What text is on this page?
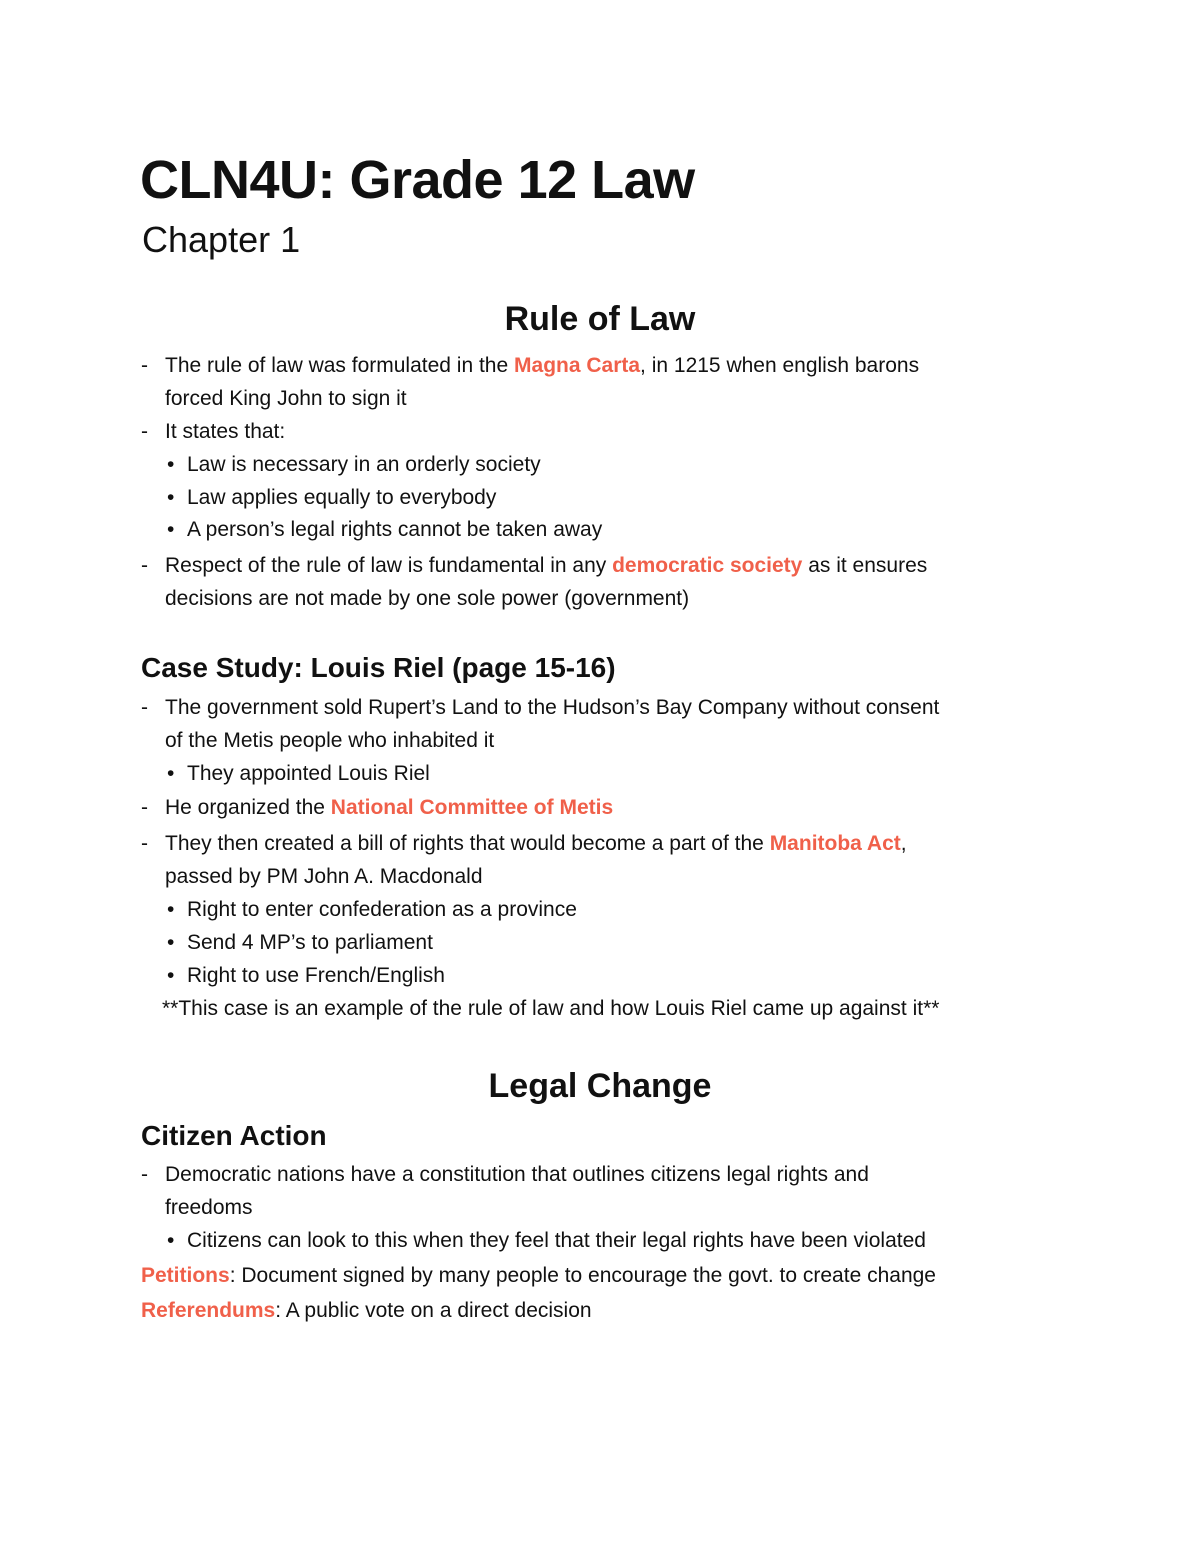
CLN4U: Grade 12 Law
Chapter 1
Rule of Law
- The rule of law was formulated in the Magna Carta, in 1215 when english barons

forced King John to sign it

- It states that:

• Law is necessary in an orderly society

• Law applies equally to everybody

• A person’s legal rights cannot be taken away

- Respect of the rule of law is fundamental in any democratic society as it ensures

decisions are not made by one sole power (government)

Case Study: Louis Riel (page 15-16)
- The government sold Rupert’s Land to the Hudson’s Bay Company without consent

of the Metis people who inhabited it

• They appointed Louis Riel

- He organized the National Committee of Metis

- They then created a bill of rights that would become a part of the Manitoba Act,

passed by PM John A. Macdonald

• Right to enter confederation as a province

• Send 4 MP’s to parliament

• Right to use French/English

**This case is an example of the rule of law and how Louis Riel came up against it**

Legal Change
Citizen Action
- Democratic nations have a constitution that outlines citizens legal rights and

freedoms

• Citizens can look to this when they feel that their legal rights have been violated

Petitions: Document signed by many people to encourage the govt. to create change

Referendums: A public vote on a direct decision
